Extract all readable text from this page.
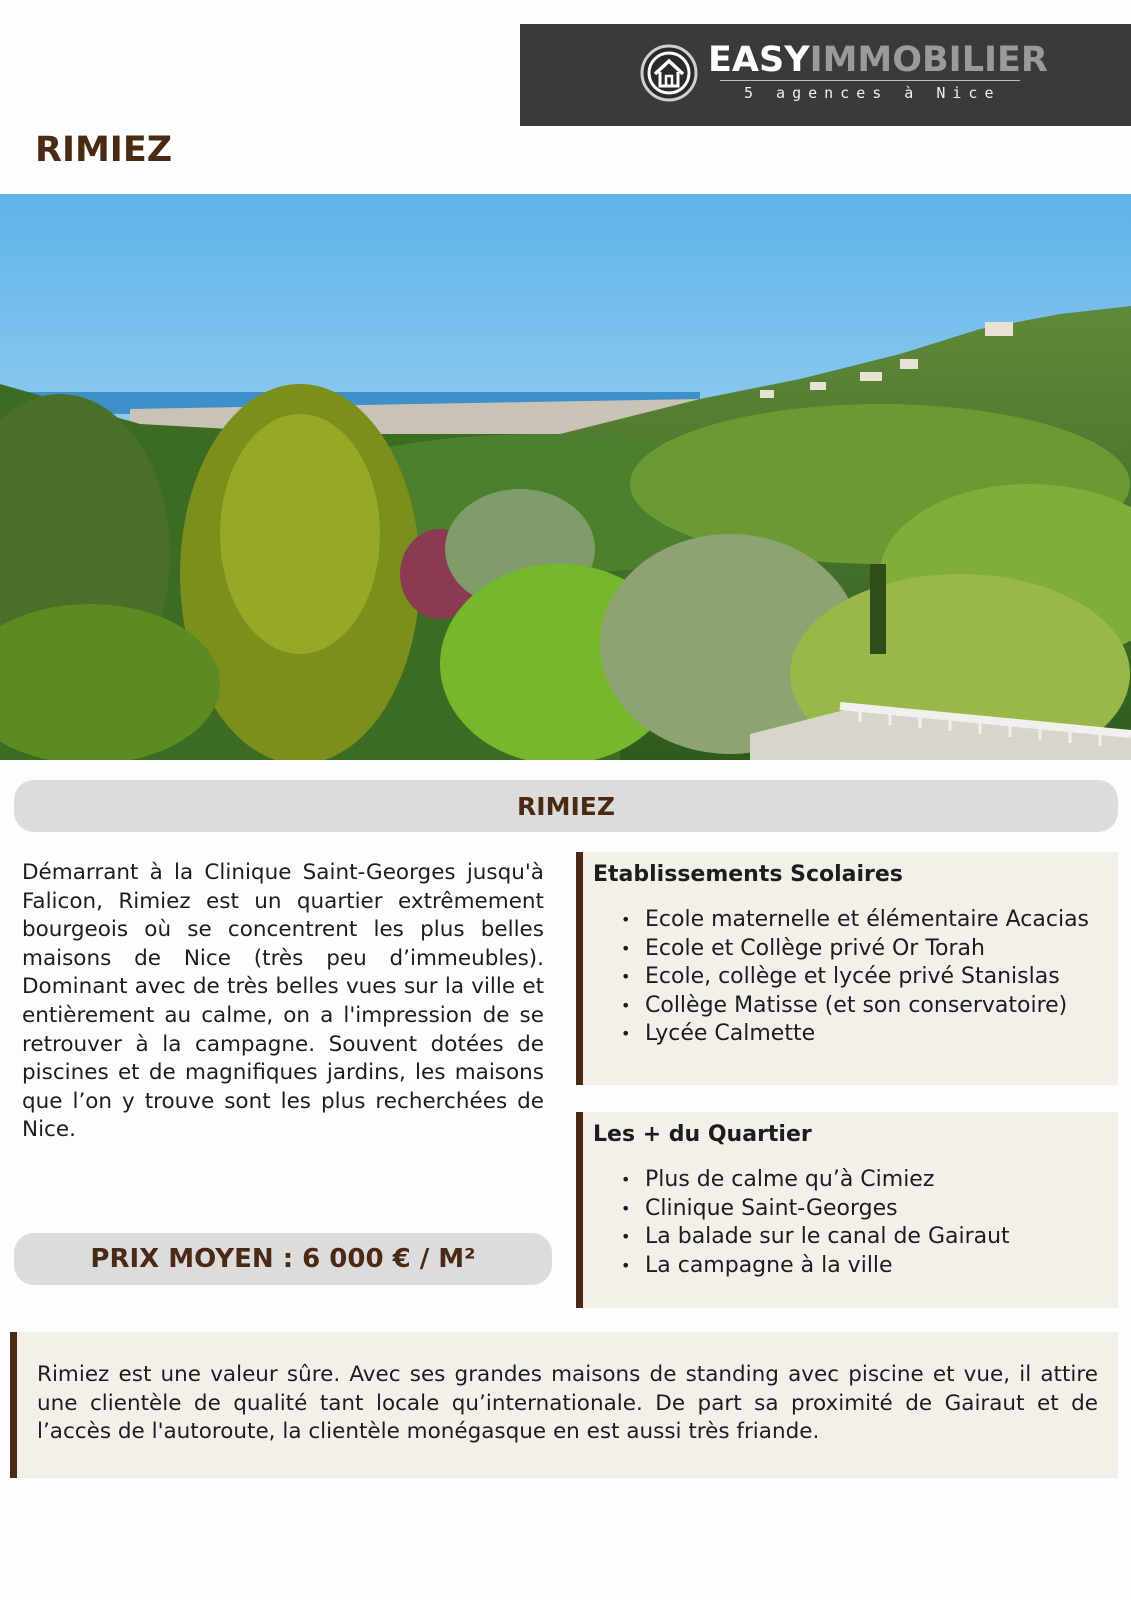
EASYIMMOBILIER
5 agences à Nice
RIMIEZ
RIMIEZ

Démarrant à la Clinique Saint-Georges jusqu'à Falicon, Rimiez est un quartier extrêmement bourgeois où se concentrent les plus belles maisons de Nice (très peu d’immeubles). Dominant avec de très belles vues sur la ville et entièrement au calme, on a l'impression de se retrouver à la campagne. Souvent dotées de piscines et de magnifiques jardins, les maisons que l’on y trouve sont les plus recherchées de Nice.

PRIX MOYEN : 6 000 € / M²
Etablissements Scolaires
• Ecole maternelle et élémentaire Acacias
• Ecole et Collège privé Or Torah
• Ecole, collège et lycée privé Stanislas
• Collège Matisse (et son conservatoire)
• Lycée Calmette
Les + du Quartier
• Plus de calme qu’à Cimiez
• Clinique Saint-Georges
• La balade sur le canal de Gairaut
• La campagne à la ville

Rimiez est une valeur sûre. Avec ses grandes maisons de standing avec piscine et vue, il attire une clientèle de qualité tant locale qu’internationale. De part sa proximité de Gairaut et de l’accès de l'autoroute, la clientèle monégasque en est aussi très friande.
